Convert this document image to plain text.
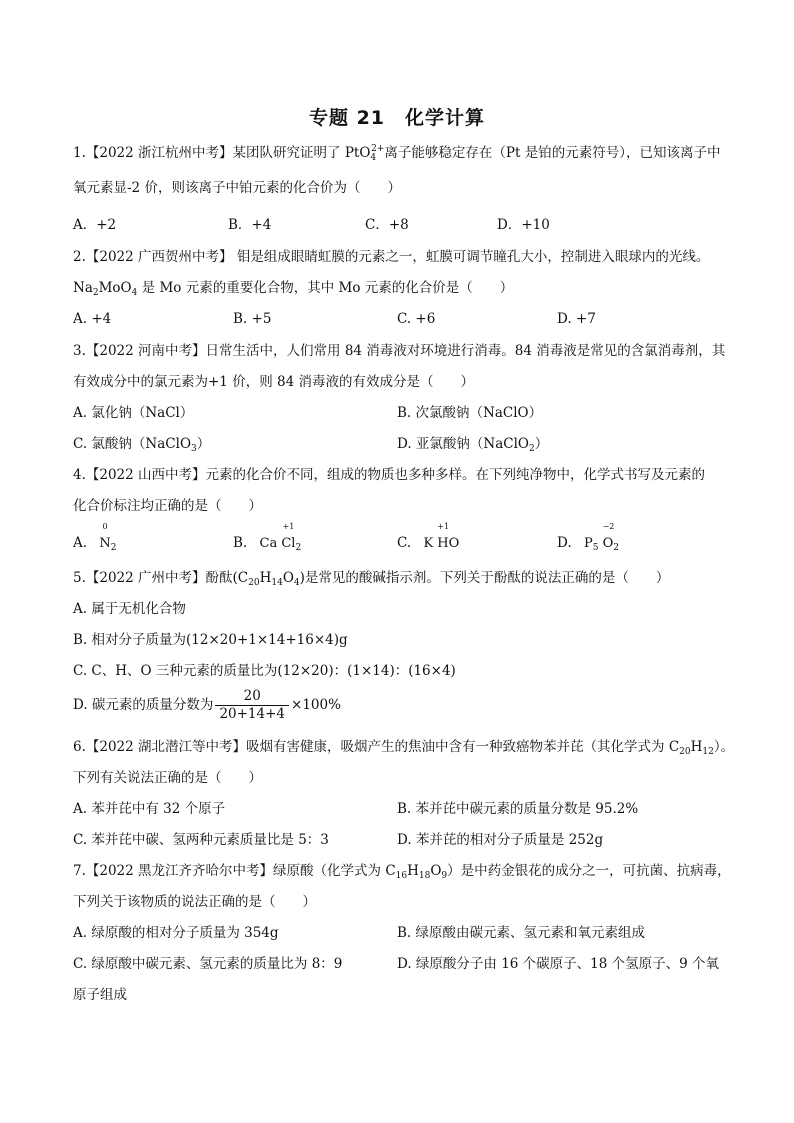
专题 21　化学计算
1.【2022 浙江杭州中考】某团队研究证明了 PtO$_4^{2+}$离子能够稳定存在（Pt 是铂的元素符号），已知该离子中
氧元素显-2 价，则该离子中铂元素的化合价为（　　）
A．+2	B．+4	C．+8	D．+10
2.【2022 广西贺州中考】 钼是组成眼睛虹膜的元素之一，虹膜可调节瞳孔大小，控制进入眼球内的光线。
$Na_2MoO_4$ 是 Mo 元素的重要化合物，其中 Mo 元素的化合价是（　　）
A. +4	B. +5	C. +6	D. +7
3.【2022 河南中考】日常生活中，人们常用 84 消毒液对环境进行消毒。84 消毒液是常见的含氯消毒剂，其
有效成分中的氯元素为+1 价，则 84 消毒液的有效成分是（　　）
A. 氯化钠（NaCl）	B. 次氯酸钠（NaClO）
C. 氯酸钠（NaClO$_3$）	D. 亚氯酸钠（NaClO$_2$）
4.【2022 山西中考】元素的化合价不同，组成的物质也多种多样。在下列纯净物中，化学式书写及元素的
化合价标注均正确的是（　　）
A.
0
$N_2$	B. Ca
+1
$Cl_2$	C. K
+1
HO	D. $P_5$
−2
$O_2$
5.【2022 广州中考】酚酞$(C_{20}H_{14}O_4)$是常见的酸碱指示剂。下列关于酚酞的说法正确的是（　　）
A. 属于无机化合物
B. 相对分子质量为(12×20+1×14+16×4)g
C. C、H、O 三种元素的质量比为(12×20)：(1×14)：(16×4)
D. 碳元素的质量分数为 $\frac{20}{20+14+4} \times 100\%$
6.【2022 湖北潜江等中考】吸烟有害健康，吸烟产生的焦油中含有一种致癌物苯并芘（其化学式为 $C_{20}H_{12}$）。
下列有关说法正确的是（　　）
A. 苯并芘中有 32 个原子	B. 苯并芘中碳元素的质量分数是 95.2%
C. 苯并芘中碳、氢两种元素质量比是 5：3	D. 苯并芘的相对分子质量是 252g
7.【2022 黑龙江齐齐哈尔中考】绿原酸（化学式为 $C_{16}H_{18}O_9$）是中药金银花的成分之一，可抗菌、抗病毒，
下列关于该物质的说法正确的是（　　）
A. 绿原酸的相对分子质量为 354g	B. 绿原酸由碳元素、氢元素和氧元素组成
C. 绿原酸中碳元素、氢元素的质量比为 8：9	D. 绿原酸分子由 16 个碳原子、18 个氢原子、9 个氧
原子组成
